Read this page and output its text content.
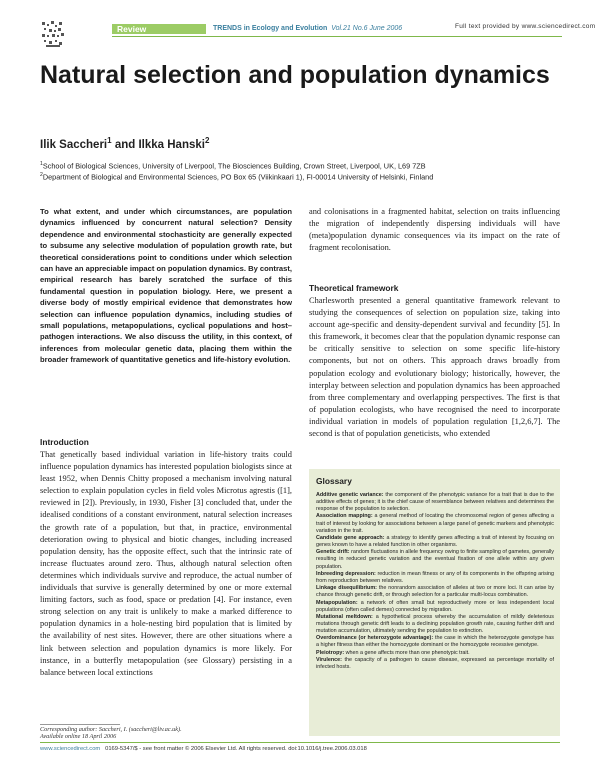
Review	TRENDS in Ecology and Evolution Vol.21 No.6 June 2006	Full text provided by www.sciencedirect.com
Natural selection and population dynamics
Ilik Saccheri$^1$ and Ilkka Hanski$^2$
$^1$School of Biological Sciences, University of Liverpool, The Biosciences Building, Crown Street, Liverpool, UK, L69 7ZB
$^2$Department of Biological and Environmental Sciences, PO Box 65 (Viikinkaari 1), FI-00014 University of Helsinki, Finland
To what extent, and under which circumstances, are population dynamics influenced by concurrent natural selection? Density dependence and environmental stochasticity are generally expected to subsume any selective modulation of population growth rate, but theoretical considerations point to conditions under which selection can have an appreciable impact on population dynamics. By contrast, empirical research has barely scratched the surface of this fundamental question in population biology. Here, we present a diverse body of mostly empirical evidence that demonstrates how selection can influence population dynamics, including studies of small populations, metapopulations, cyclical populations and host–pathogen interactions. We also discuss the utility, in this context, of inferences from molecular genetic data, placing them within the broader framework of quantitative genetics and life-history evolution.
Introduction
That genetically based individual variation in life-history traits could influence population dynamics has interested population biologists since at least 1952, when Dennis Chitty proposed a mechanism involving natural selection to explain population cycles in field voles Microtus agrestis ([1], reviewed in [2]). Previously, in 1930, Fisher [3] concluded that, under the idealised conditions of a constant environment, natural selection increases the growth rate of a population, but that, in practice, environmental deterioration owing to physical and biotic changes, including increased population density, has the opposite effect, such that the intrinsic rate of increase fluctuates around zero. Thus, although natural selection often determines which individuals survive and reproduce, the actual number of individuals that survive is generally determined by one or more external limiting factors, such as food, space or predation [4]. For instance, even strong selection on any trait is unlikely to make a marked difference to population dynamics in a hole-nesting bird population that is limited by the availability of nest sites. However, there are other situations where a link between selection and population dynamics is more likely. For instance, in a butterfly metapopulation (see Glossary) persisting in a balance between local extinctions
and colonisations in a fragmented habitat, selection on traits influencing the migration of independently dispersing individuals will have (meta)population dynamic consequences via its impact on the rate of fragment recolonisation.
Theoretical framework
Charlesworth presented a general quantitative framework relevant to studying the consequences of selection on population size, taking into account age-specific and density-dependent survival and fecundity [5]. In this framework, it becomes clear that the population dynamic response can be critically sensitive to selection on some specific life-history components, but not on others. This approach draws broadly from population ecology and evolutionary biology; historically, however, the interplay between selection and population dynamics has been approached from three complementary and overlapping perspectives. The first is that of population ecologists, who have recognised the need to incorporate individual variation in models of population regulation [1,2,6,7]. The second is that of population geneticists, who extended
Glossary

Additive genetic variance: the component of the phenotypic variance for a trait that is due to the additive effects of genes; it is the chief cause of resemblance between relatives and determines the response of the population to selection.

Association mapping: a general method of locating the chromosomal region of genes affecting a trait of interest by looking for associations between a large panel of genetic markers and phenotypic variation in the trait.

Candidate gene approach: a strategy to identify genes affecting a trait of interest by focusing on genes known to have a related function in other organisms.

Genetic drift: random fluctuations in allele frequency owing to finite sampling of gametes, generally resulting in reduced genetic variation and the eventual fixation of one allele within any given population.

Inbreeding depression: reduction in mean fitness or any of its components in the offspring arising from reproduction between relatives.

Linkage disequilibrium: the nonrandom association of alleles at two or more loci. It can arise by chance through genetic drift, or through selection for a particular multi-locus combination.

Metapopulation: a network of often small but reproductively more or less independent local populations (often called demes) connected by migration.

Mutational meltdown: a hypothetical process whereby the accumulation of mildly deleterious mutations through genetic drift leads to a declining population growth rate, causing further drift and mutation accumulation, ultimately sending the population to extinction.

Overdominance (or heterozygote advantage): the case in which the heterozygote genotype has a higher fitness than either the homozygote dominant or the homozygote recessive genotype.

Pleiotropy: when a gene affects more than one phenotypic trait.

Virulence: the capacity of a pathogen to cause disease, expressed as percentage mortality of infected hosts.

Corresponding author: Saccheri, I. (saccheri@liv.ac.uk).
Available online 18 April 2006
www.sciencedirect.com 0169-5347/$ - see front matter © 2006 Elsevier Ltd. All rights reserved. doi:10.1016/j.tree.2006.03.018
